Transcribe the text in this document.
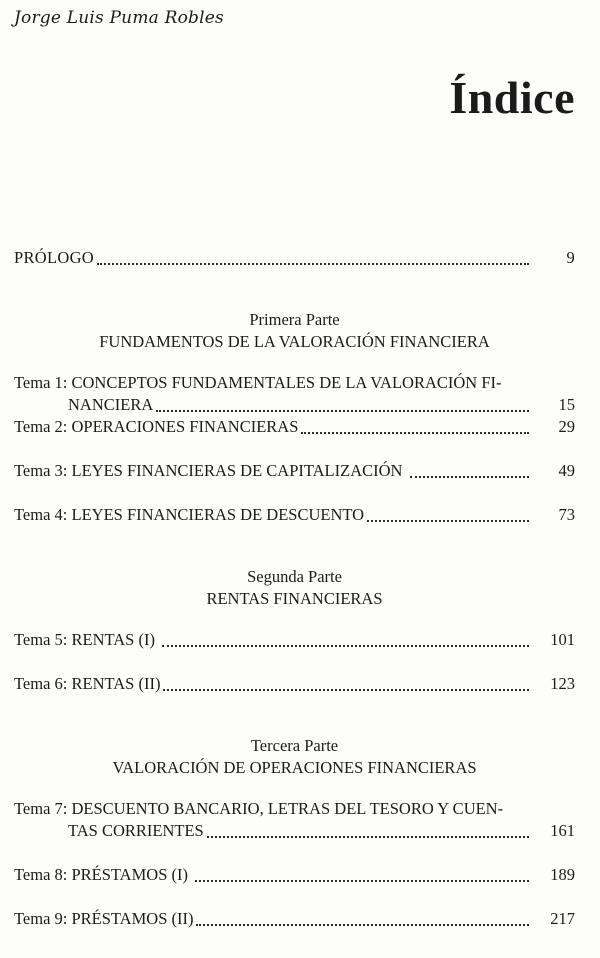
Jorge Luis Puma Robles
Índice
PRÓLOGO	9
Primera Parte
FUNDAMENTOS DE LA VALORACIÓN FINANCIERA
Tema 1: CONCEPTOS FUNDAMENTALES DE LA VALORACIÓN FI-
NANCIERA	15
Tema 2: OPERACIONES FINANCIERAS	29
Tema 3: LEYES FINANCIERAS DE CAPITALIZACIÓN	49
Tema 4: LEYES FINANCIERAS DE DESCUENTO	73
Segunda Parte
RENTAS FINANCIERAS
Tema 5: RENTAS (I)	101
Tema 6: RENTAS (II)	123
Tercera Parte
VALORACIÓN DE OPERACIONES FINANCIERAS
Tema 7: DESCUENTO BANCARIO, LETRAS DEL TESORO Y CUEN-
TAS CORRIENTES	161
Tema 8: PRÉSTAMOS (I)	189
Tema 9: PRÉSTAMOS (II)	217
